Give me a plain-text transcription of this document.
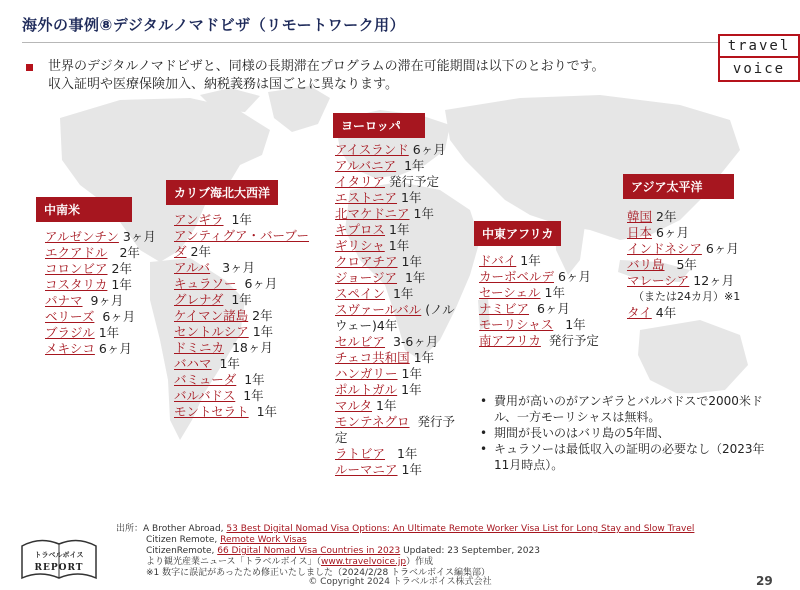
海外の事例⑧デジタルノマドビザ（リモートワーク用）
travel
voice
世界のデジタルノマドビザと、同様の長期滞在プログラムの滞在可能期間は以下のとおりです。
収入証明や医療保険加入、納税義務は国ごとに異なります。
中南米
アルゼンチン 3ヶ月
エクアドル 2年
コロンビア 2年
コスタリカ 1年
パナマ 9ヶ月
ベリーズ 6ヶ月
ブラジル 1年
メキシコ 6ヶ月
カリブ海北大西洋
アンギラ 1年
アンティグア・バーブーダ 2年
アルバ 3ヶ月
キュラソー 6ヶ月
グレナダ 1年
ケイマン諸島 2年
セントルシア 1年
ドミニカ 18ヶ月
バハマ 1年
バミューダ 1年
バルバドス 1年
モントセラト 1年
ヨーロッパ
アイスランド 6ヶ月
アルバニア 1年
イタリア 発行予定
エストニア 1年
北マケドニア 1年
キプロス 1年
ギリシャ 1年
クロアチア 1年
ジョージア 1年
スペイン 1年
スヴァールバル (ノルウェー)4年
セルビア 3-6ヶ月
チェコ共和国 1年
ハンガリー 1年
ポルトガル 1年
マルタ 1年
モンテネグロ 発行予定
ラトビア 1年
ルーマニア 1年
中東アフリカ
ドバイ 1年
カーボベルデ 6ヶ月
セーシェル 1年
ナミビア 6ヶ月
モーリシャス 1年
南アフリカ 発行予定
アジア太平洋
韓国 2年
日本 6ヶ月
インドネシア 6ヶ月
バリ島 5年
マレーシア 12ヶ月
（または24カ月）※1
タイ 4年
• 費用が高いのがアンギラとバルバドスで2000米ドル、一方モーリシャスは無料。
• 期間が長いのはバリ島の5年間、
• キュラソーは最低収入の証明の必要なし（2023年11月時点）。
トラベルボイス
REPORT
出所：A Brother Abroad, 53 Best Digital Nomad Visa Options: An Ultimate Remote Worker Visa List for Long Stay and Slow Travel
Citizen Remote, Remote Work Visas
CitizenRemote, 66 Digital Nomad Visa Countries in 2023 Updated: 23 September, 2023
より観光産業ニュース「トラベルボイス」（www.travelvoice.jp）作成
※1 数字に誤記があったため修正いたしました（2024/2/28 トラベルボイス編集部）
© Copyright 2024 トラベルボイス株式会社	29
